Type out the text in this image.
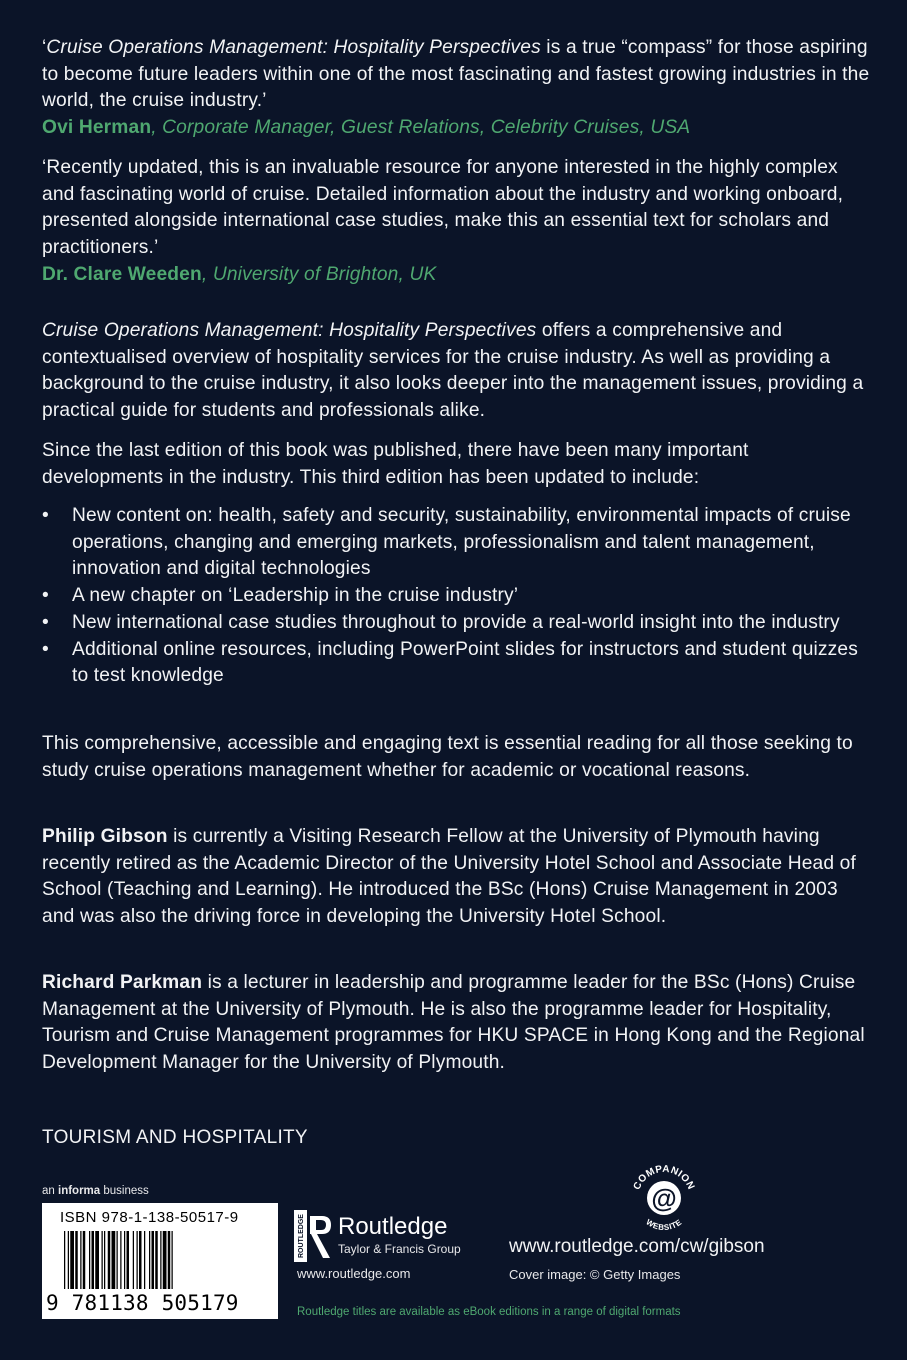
‘Cruise Operations Management: Hospitality Perspectives is a true “compass” for those aspiring to become future leaders within one of the most fascinating and fastest growing industries in the world, the cruise industry.’
Ovi Herman, Corporate Manager, Guest Relations, Celebrity Cruises, USA

‘Recently updated, this is an invaluable resource for anyone interested in the highly complex and fascinating world of cruise. Detailed information about the industry and working onboard, presented alongside international case studies, make this an essential text for scholars and practitioners.’
Dr. Clare Weeden, University of Brighton, UK

Cruise Operations Management: Hospitality Perspectives offers a comprehensive and contextualised overview of hospitality services for the cruise industry. As well as providing a background to the cruise industry, it also looks deeper into the management issues, providing a practical guide for students and professionals alike.

Since the last edition of this book was published, there have been many important developments in the industry. This third edition has been updated to include:

• New content on: health, safety and security, sustainability, environmental impacts of cruise operations, changing and emerging markets, professionalism and talent management, innovation and digital technologies
• A new chapter on ‘Leadership in the cruise industry’
• New international case studies throughout to provide a real-world insight into the industry
• Additional online resources, including PowerPoint slides for instructors and student quizzes to test knowledge

This comprehensive, accessible and engaging text is essential reading for all those seeking to study cruise operations management whether for academic or vocational reasons.

Philip Gibson is currently a Visiting Research Fellow at the University of Plymouth having recently retired as the Academic Director of the University Hotel School and Associate Head of School (Teaching and Learning). He introduced the BSc (Hons) Cruise Management in 2003 and was also the driving force in developing the University Hotel School.

Richard Parkman is a lecturer in leadership and programme leader for the BSc (Hons) Cruise Management at the University of Plymouth. He is also the programme leader for Hospitality, Tourism and Cruise Management programmes for HKU SPACE in Hong Kong and the Regional Development Manager for the University of Plymouth.

TOURISM AND HOSPITALITY
an informa business
ISBN 978-1-138-50517-9
9 781138 505179
ROUTLEDGE Routledge
Taylor & Francis Group
www.routledge.com
@
COMPANION
WEBSITE
www.routledge.com/cw/gibson
Cover image: © Getty Images
Routledge titles are available as eBook editions in a range of digital formats
